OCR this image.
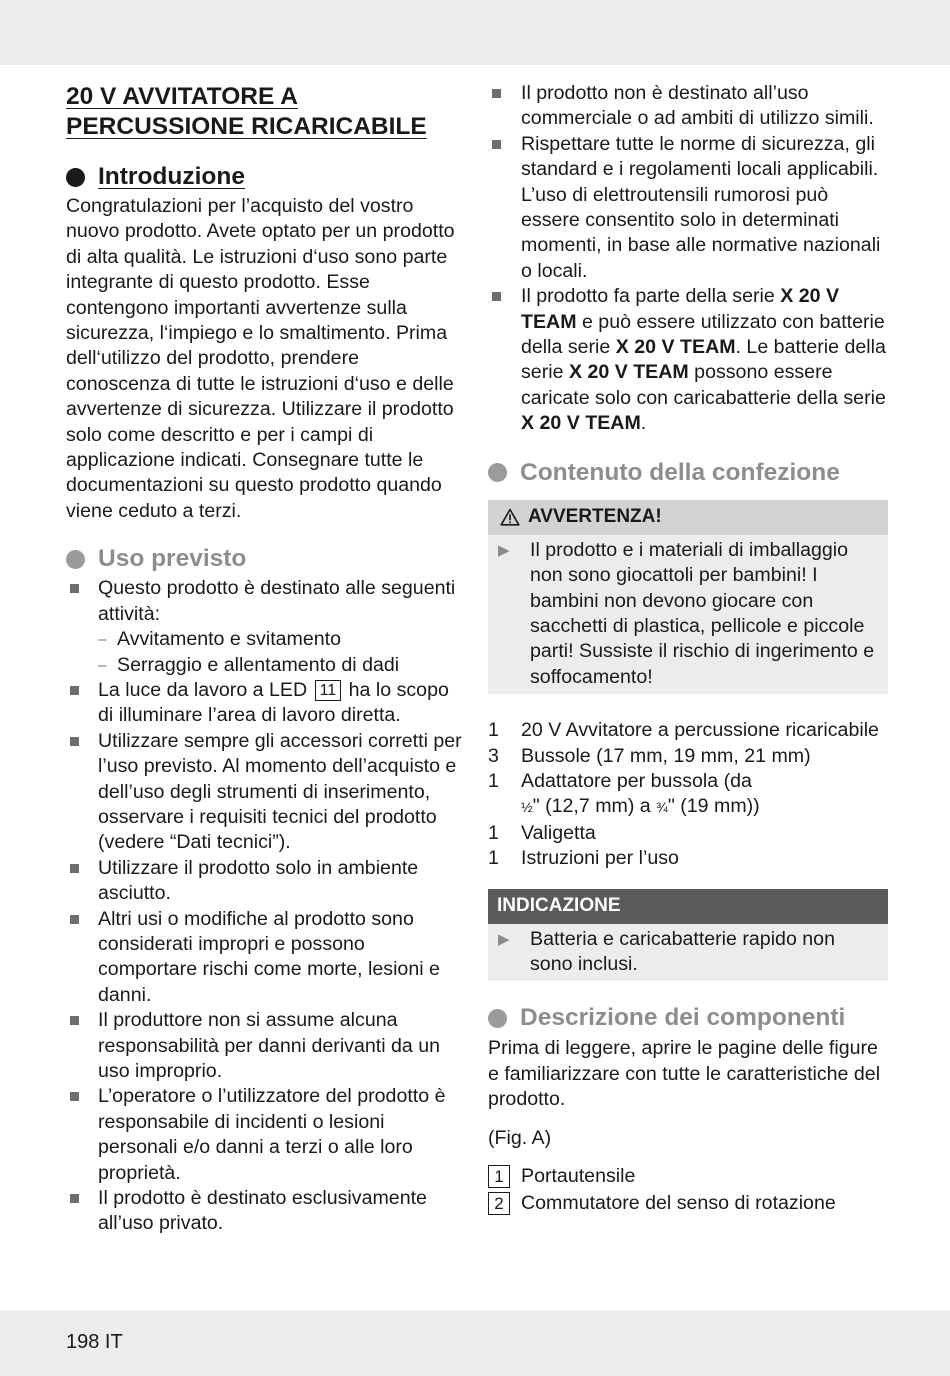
20 V AVVITATORE A
PERCUSSIONE RICARICABILE
Introduzione

Congratulazioni per l’acquisto del vostro nuovo prodotto. Avete optato per un prodotto di alta qualità. Le istruzioni d‘uso sono parte integrante di questo prodotto. Esse contengono importanti avvertenze sulla sicurezza, l‘impiego e lo smaltimento. Prima dell‘utilizzo del prodotto, prendere conoscenza di tutte le istruzioni d‘uso e delle avvertenze di sicurezza. Utilizzare il prodotto solo come descritto e per i campi di applicazione indicati. Consegnare tutte le documentazioni su questo prodotto quando viene ceduto a terzi.

Uso previsto
Questo prodotto è destinato alle seguenti attività:
– Avvitamento e svitamento
– Serraggio e allentamento di dadi
La luce da lavoro a LED 11 ha lo scopo di illuminare l’area di lavoro diretta.
Utilizzare sempre gli accessori corretti per l’uso previsto. Al momento dell’acquisto e dell’uso degli strumenti di inserimento, osservare i requisiti tecnici del prodotto (vedere “Dati tecnici”).
Utilizzare il prodotto solo in ambiente asciutto.
Altri usi o modifiche al prodotto sono considerati impropri e possono comportare rischi come morte, lesioni e danni.
Il produttore non si assume alcuna responsabilità per danni derivanti da un uso improprio.
L’operatore o l’utilizzatore del prodotto è responsabile di incidenti o lesioni personali e/o danni a terzi o alle loro proprietà.
Il prodotto è destinato esclusivamente all’uso privato.
Il prodotto non è destinato all’uso commerciale o ad ambiti di utilizzo simili.
Rispettare tutte le norme di sicurezza, gli standard e i regolamenti locali applicabili. L’uso di elettroutensili rumorosi può essere consentito solo in determinati momenti, in base alle normative nazionali o locali.
Il prodotto fa parte della serie X 20 V TEAM e può essere utilizzato con batterie della serie X 20 V TEAM. Le batterie della serie X 20 V TEAM possono essere caricate solo con caricabatterie della serie X 20 V TEAM.
Contenuto della confezione
AVVERTENZA!
▶	Il prodotto e i materiali di imballaggio non sono giocattoli per bambini! I bambini non devono giocare con sacchetti di plastica, pellicole e piccole parti! Sussiste il rischio di ingerimento e soffocamento!
1	20 V Avvitatore a percussione ricaricabile
3	Bussole (17 mm, 19 mm, 21 mm)
1	Adattatore per bussola (da
½" (12,7 mm) a ¾" (19 mm))
1	Valigetta
1	Istruzioni per l’uso
INDICAZIONE
▶	Batteria e caricabatterie rapido non sono inclusi.
Descrizione dei componenti

Prima di leggere, aprire le pagine delle figure e familiarizzare con tutte le caratteristiche del prodotto.

(Fig. A)

1 Portautensile
2 Commutatore del senso di rotazione
198 IT
